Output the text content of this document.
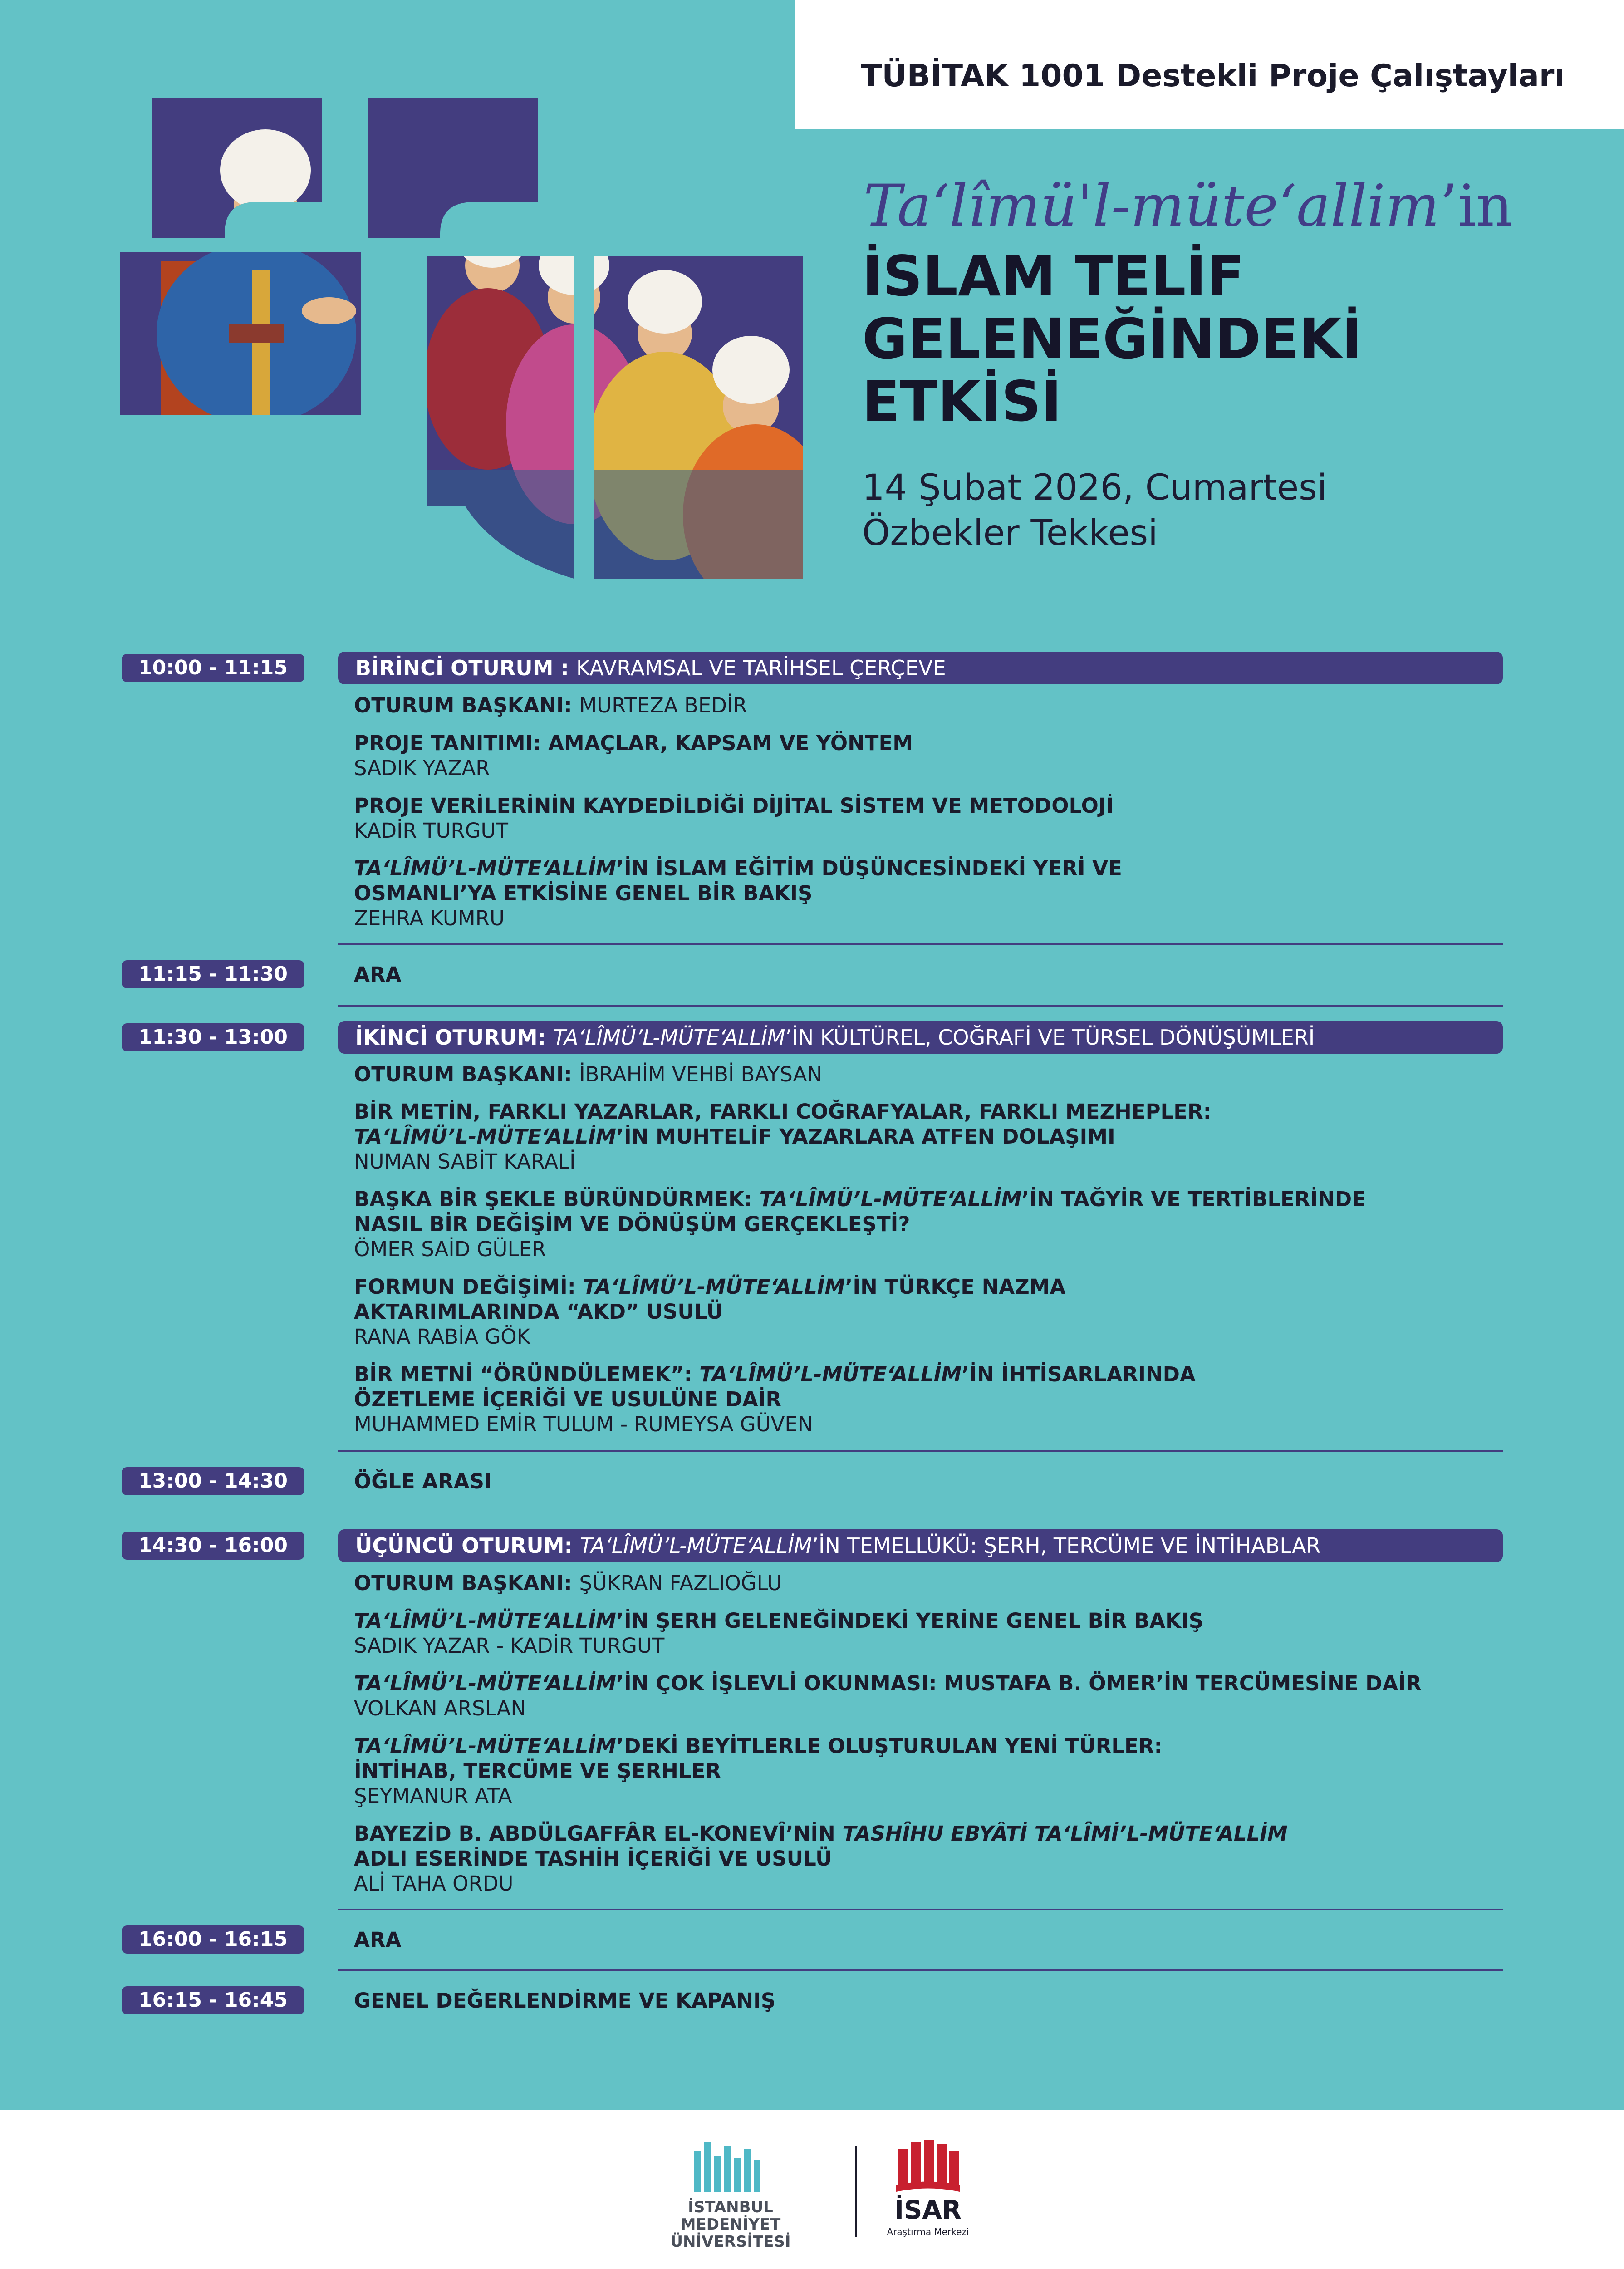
TÜBİTAK 1001 Destekli Proje Çalıştayları
Ta‘lîmü'l-müte‘allim’in
İSLAM TELİF
GELENEĞİNDEKİ
ETKİSİ
14 Şubat 2026, Cumartesi
Özbekler Tekkesi
10:00 - 11:15	BİRİNCİ OTURUM : KAVRAMSAL VE TARİHSEL ÇERÇEVE
OTURUM BAŞKANI: MURTEZA BEDİR
PROJE TANITIMI: AMAÇLAR, KAPSAM VE YÖNTEM
SADIK YAZAR
PROJE VERİLERİNİN KAYDEDİLDİĞİ DİJİTAL SİSTEM VE METODOLOJİ
KADİR TURGUT
TA‘LÎMÜ’L-MÜTE‘ALLİM’İN İSLAM EĞİTİM DÜŞÜNCESİNDEKİ YERİ VE
OSMANLI’YA ETKİSİNE GENEL BİR BAKIŞ
ZEHRA KUMRU
11:15 - 11:30	ARA
11:30 - 13:00	İKİNCİ OTURUM: TA‘LÎMÜ’L-MÜTE‘ALLİM’İN KÜLTÜREL, COĞRAFİ VE TÜRSEL DÖNÜŞÜMLERİ
OTURUM BAŞKANI: İBRAHİM VEHBİ BAYSAN
BİR METİN, FARKLI YAZARLAR, FARKLI COĞRAFYALAR, FARKLI MEZHEPLER:
TA‘LÎMÜ’L-MÜTE‘ALLİM’İN MUHTELİF YAZARLARA ATFEN DOLAŞIMI
NUMAN SABİT KARALİ
BAŞKA BİR ŞEKLE BÜRÜNDÜRMEK: TA‘LÎMÜ’L-MÜTE‘ALLİM’İN TAĞYİR VE TERTİBLERİNDE
NASIL BİR DEĞİŞİM VE DÖNÜŞÜM GERÇEKLEŞTİ?
ÖMER SAİD GÜLER
FORMUN DEĞİŞİMİ: TA‘LÎMÜ’L-MÜTE‘ALLİM’İN TÜRKÇE NAZMA
AKTARIMLARINDA “AKD” USULÜ
RANA RABİA GÖK
BİR METNİ “ÖRÜNDÜLEMEK”: TA‘LÎMÜ’L-MÜTE‘ALLİM’İN İHTİSARLARINDA
ÖZETLEME İÇERİĞİ VE USULÜNE DAİR
MUHAMMED EMİR TULUM - RUMEYSA GÜVEN
13:00 - 14:30	ÖĞLE ARASI
14:30 - 16:00	ÜÇÜNCÜ OTURUM: TA‘LÎMÜ’L-MÜTE‘ALLİM’İN TEMELLÜKÜ: ŞERH, TERCÜME VE İNTİHABLAR
OTURUM BAŞKANI: ŞÜKRAN FAZLIOĞLU
TA‘LÎMÜ’L-MÜTE‘ALLİM’İN ŞERH GELENEĞİNDEKİ YERİNE GENEL BİR BAKIŞ
SADIK YAZAR - KADİR TURGUT
TA‘LÎMÜ’L-MÜTE‘ALLİM’İN ÇOK İŞLEVLİ OKUNMASI: MUSTAFA B. ÖMER’İN TERCÜMESİNE DAİR
VOLKAN ARSLAN
TA‘LÎMÜ’L-MÜTE‘ALLİM’DEKİ BEYİTLERLE OLUŞTURULAN YENİ TÜRLER:
İNTİHAB, TERCÜME VE ŞERHLER
ŞEYMANUR ATA
BAYEZİD B. ABDÜLGAFFÂR EL-KONEVÎ’NİN TASHÎHU EBYÂTİ TA‘LÎMİ’L-MÜTE‘ALLİM
ADLI ESERİNDE TASHİH İÇERİĞİ VE USULÜ
ALİ TAHA ORDU
16:00 - 16:15	ARA
16:15 - 16:45	GENEL DEĞERLENDİRME VE KAPANIŞ
İSTANBUL MEDENİYET
ÜNİVERSİTESİ
İSAR
Araştırma Merkezi
